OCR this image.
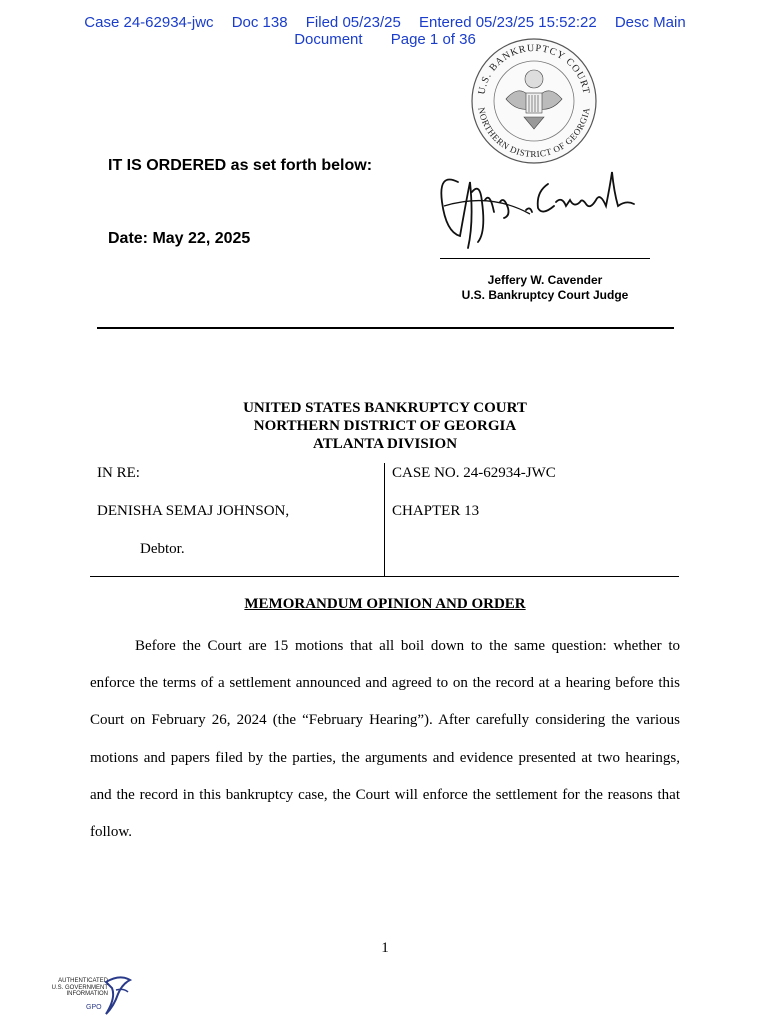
Case 24-62934-jwc Doc 138 Filed 05/23/25 Entered 05/23/25 15:52:22 Desc Main
Document Page 1 of 36
U.S. BANKRUPTCY COURT
NORTHERN DISTRICT OF GEORGIA
IT IS ORDERED as set forth below:
Date: May 22, 2025
Jeffery W. Cavender
U.S. Bankruptcy Court Judge
UNITED STATES BANKRUPTCY COURT
NORTHERN DISTRICT OF GEORGIA
ATLANTA DIVISION
IN RE:
DENISHA SEMAJ JOHNSON,
Debtor.
CASE NO. 24-62934-JWC
CHAPTER 13
MEMORANDUM OPINION AND ORDER

Before the Court are 15 motions that all boil down to the same question: whether to enforce the terms of a settlement announced and agreed to on the record at a hearing before this Court on February 26, 2024 (the “February Hearing”). After carefully considering the various motions and papers filed by the parties, the arguments and evidence presented at two hearings, and the record in this bankruptcy case, the Court will enforce the settlement for the reasons that follow.

1
AUTHENTICATED
U.S. GOVERNMENT
INFORMATION
GPO
